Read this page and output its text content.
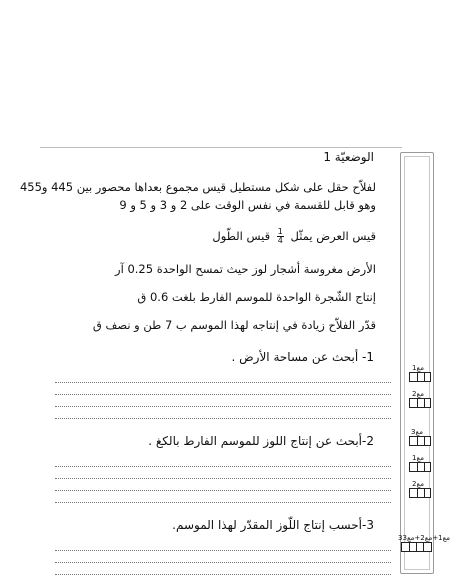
مع1
مع2
مع3
مع1
مع2
3مع1+مع2+مع3
الوضعيّة 1
لفلاّح حقل على شكل مستطيل قيس مجموع بعداها محصور بين 445 و455
وهو قابل للقسمة في نفس الوقت على 2 و 3 و 5 و 9
قيس العرض يمثّل
$\frac{1}{4}$
قيس الطّول
الأرض مغروسة أشجار لوز حيث تمسح الواحدة 0.25 آر
إنتاج الشّجرة الواحدة للموسم الفارط بلغت 0.6 ق
قدّر الفلاّح زيادة في إنتاجه لهذا الموسم ب 7 طن و نصف ق
1- أبحث عن مساحة الأرض .
2-أبحث عن إنتاج اللوز للموسم الفارط بالكغ .
3-أحسب إنتاج اللّوز المقدّر لهذا الموسم.
